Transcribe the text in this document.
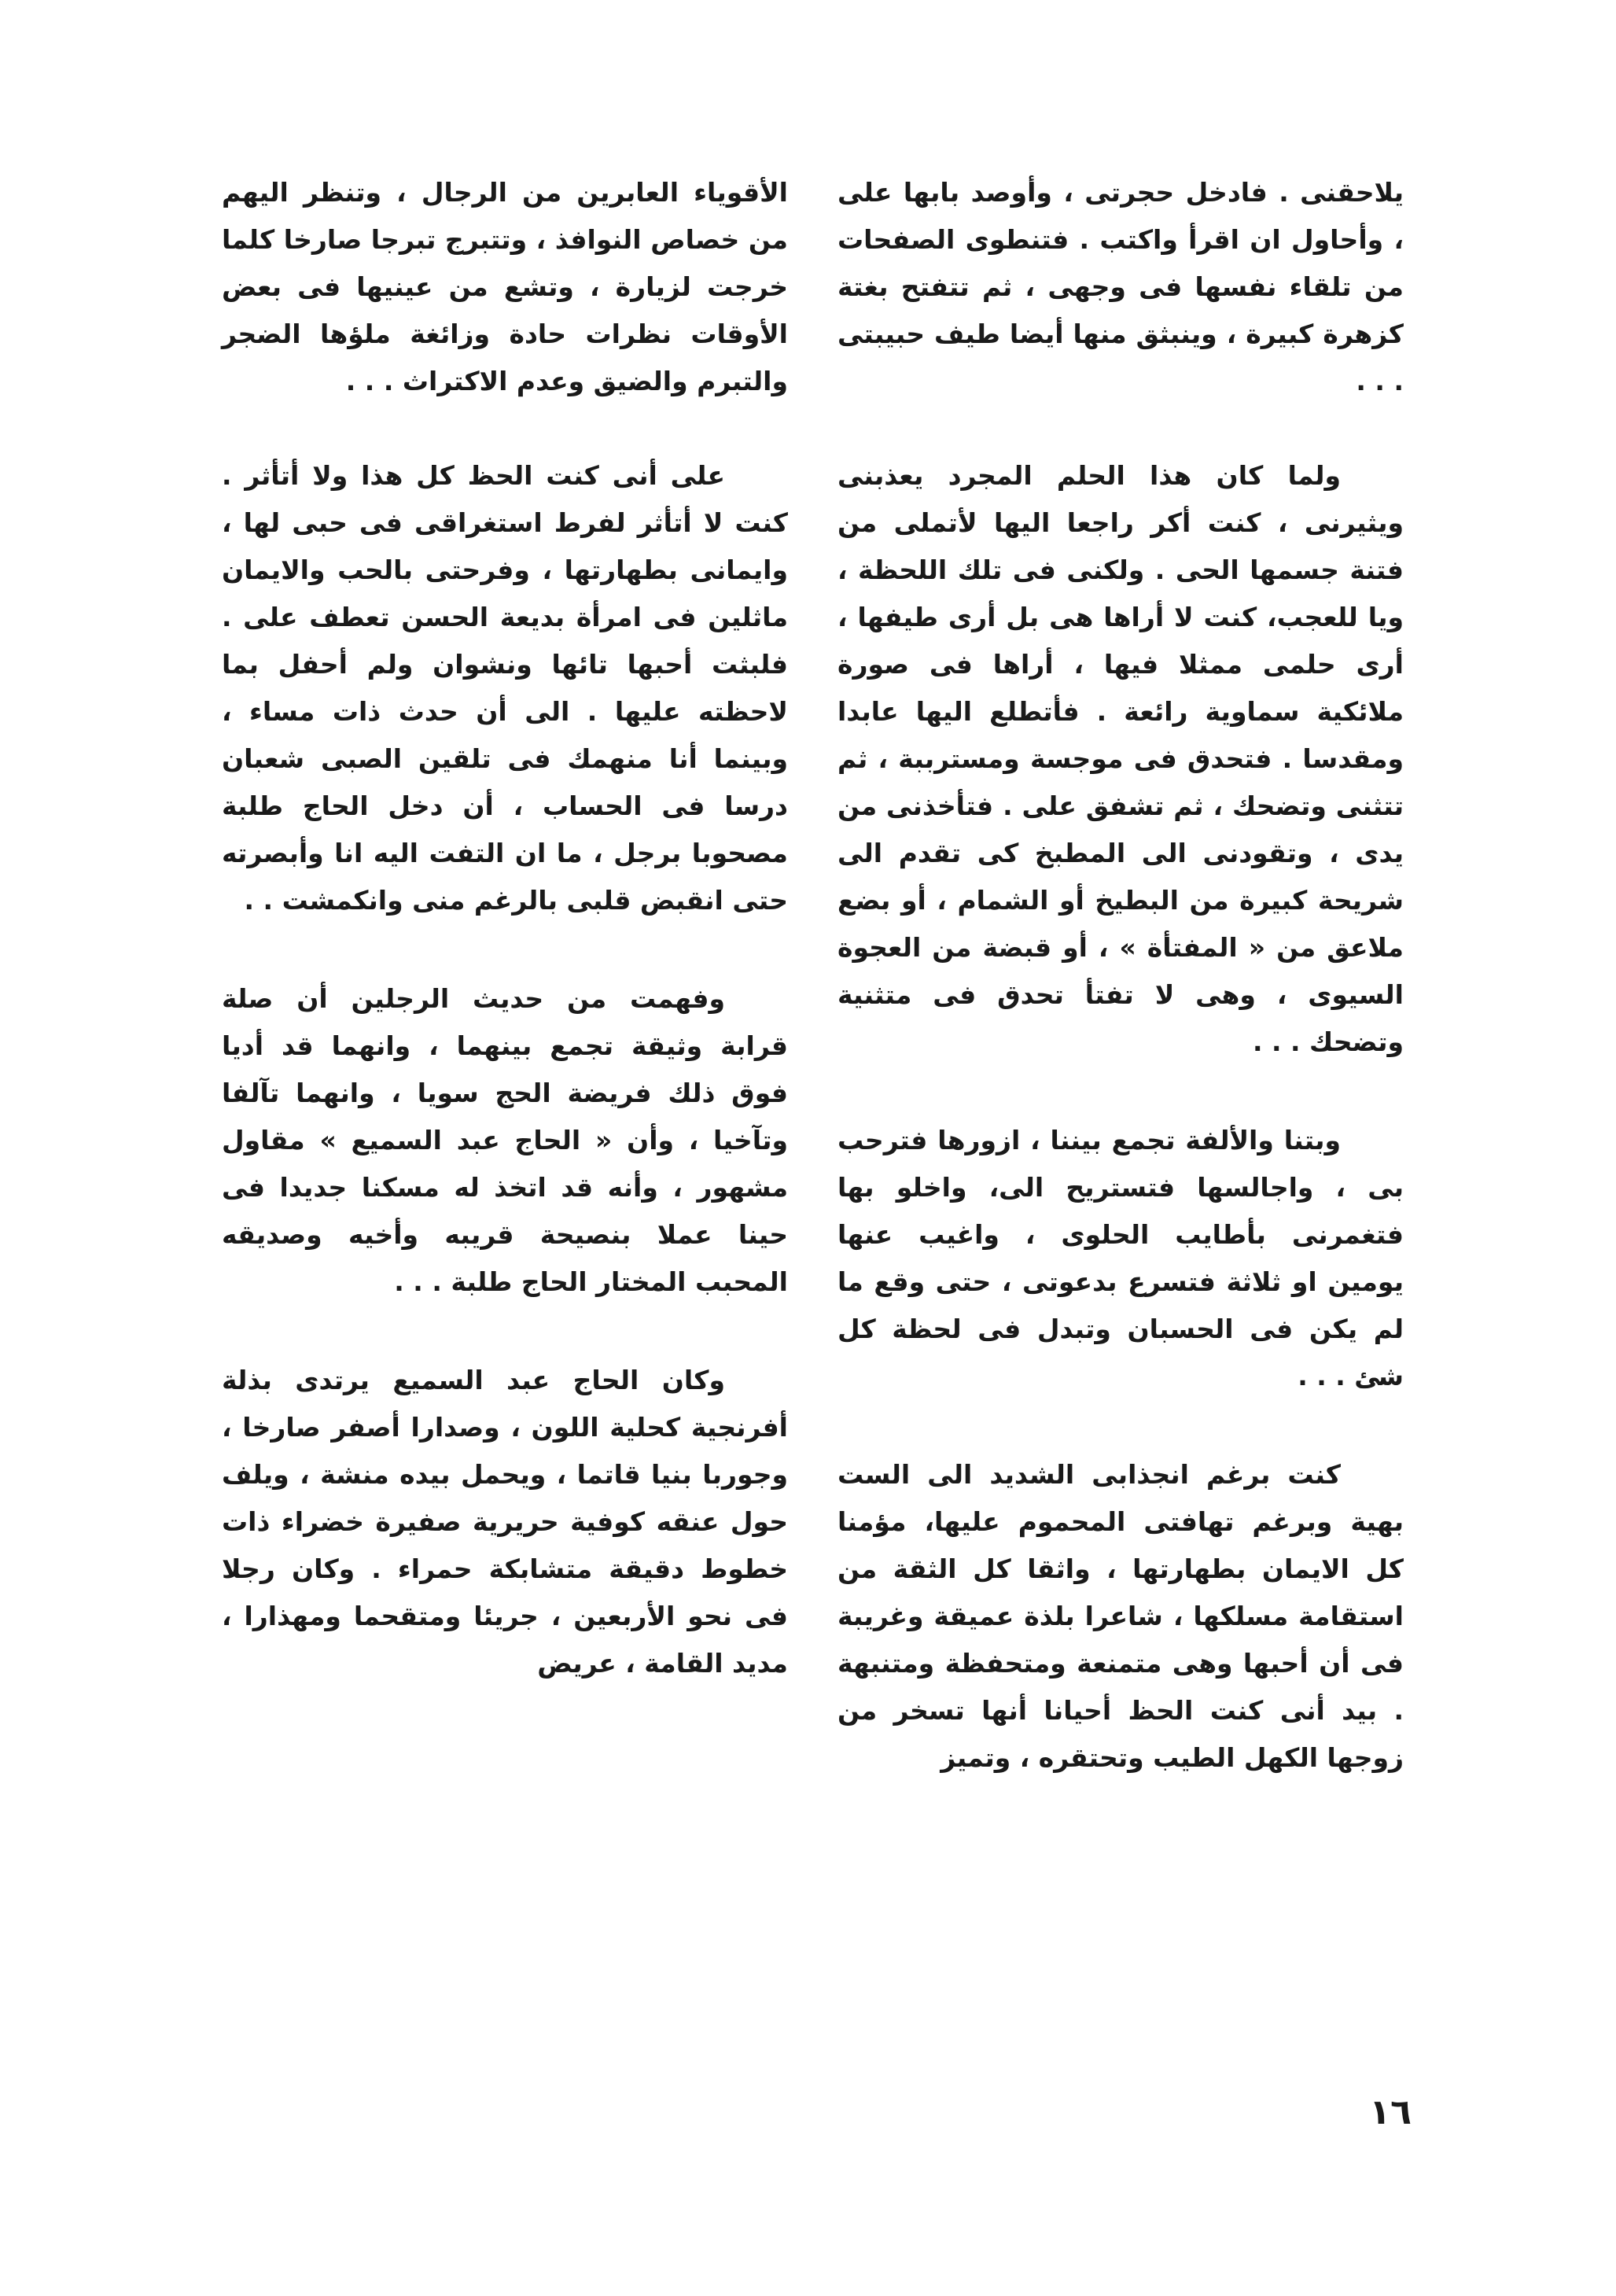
يلاحقنى . فادخل حجرتى ، وأوصد بابها على ، وأحاول ان اقرأ واكتب . فتنطوى الصفحات من تلقاء نفسها فى وجهى ، ثم تتفتح بغتة كزهرة كبيرة ، وينبثق منها أيضا طيف حبيبتى . . .

ولما كان هذا الحلم المجرد يعذبنى ويثيرنى ، كنت أكر راجعا اليها لأتملى من فتنة جسمها الحى . ولكنى فى تلك اللحظة ، ويا للعجب، كنت لا أراها هى بل أرى طيفها ، أرى حلمى ممثلا فيها ، أراها فى صورة ملائكية سماوية رائعة . فأتطلع اليها عابدا ومقدسا . فتحدق فى موجسة ومسترببة ، ثم تتثنى وتضحك ، ثم تشفق على . فتأخذنى من يدى ، وتقودنى الى المطبخ كى تقدم الى شريحة كبيرة من البطيخ أو الشمام ، أو بضع ملاعق من « المفتأة » ، أو قبضة من العجوة السيوى ، وهى لا تفتأ تحدق فى متثنية وتضحك . . .

وبتنا والألفة تجمع بيننا ، ازورها فترحب بى ، واجالسها فتستريح الى، واخلو بها فتغمرنى بأطايب الحلوى ، واغيب عنها يومين او ثلاثة فتسرع بدعوتى ، حتى وقع ما لم يكن فى الحسبان وتبدل فى لحظة كل شئ . . .

كنت برغم انجذابى الشديد الى الست بهية وبرغم تهافتى المحموم عليها، مؤمنا كل الايمان بطهارتها ، واثقا كل الثقة من استقامة مسلكها ، شاعرا بلذة عميقة وغريبة فى أن أحبها وهى متمنعة ومتحفظة ومتنبهة . بيد أنى كنت الحظ أحيانا أنها تسخر من زوجها الكهل الطيب وتحتقره ، وتميز

الأقوياء العابرين من الرجال ، وتنظر اليهم من خصاص النوافذ ، وتتبرج تبرجا صارخا كلما خرجت لزيارة ، وتشع من عينيها فى بعض الأوقات نظرات حادة وزائغة ملؤها الضجر والتبرم والضيق وعدم الاكتراث . . .

على أنى كنت الحظ كل هذا ولا أتأثر . كنت لا أتأثر لفرط استغراقى فى حبى لها ، وايمانى بطهارتها ، وفرحتى بالحب والايمان ماثلين فى امرأة بديعة الحسن تعطف على . فلبثت أحبها تائها ونشوان ولم أحفل بما لاحظته عليها . الى أن حدث ذات مساء ، وبينما أنا منهمك فى تلقين الصبى شعبان درسا فى الحساب ، أن دخل الحاج طلبة مصحوبا برجل ، ما ان التفت اليه انا وأبصرته حتى انقبض قلبى بالرغم منى وانكمشت . .

وفهمت من حديث الرجلين أن صلة قرابة وثيقة تجمع بينهما ، وانهما قد أديا فوق ذلك فريضة الحج سويا ، وانهما تآلفا وتآخيا ، وأن « الحاج عبد السميع » مقاول مشهور ، وأنه قد اتخذ له مسكنا جديدا فى حينا عملا بنصيحة قريبه وأخيه وصديقه المحبب المختار الحاج طلبة . . .

وكان الحاج عبد السميع يرتدى بذلة أفرنجية كحلية اللون ، وصدارا أصفر صارخا ، وجوربا بنيا قاتما ، ويحمل بيده منشة ، ويلف حول عنقه كوفية حريرية صفيرة خضراء ذات خطوط دقيقة متشابكة حمراء . وكان رجلا فى نحو الأربعين ، جريئا ومتقحما ومهذارا ، مديد القامة ، عريض

١٦
